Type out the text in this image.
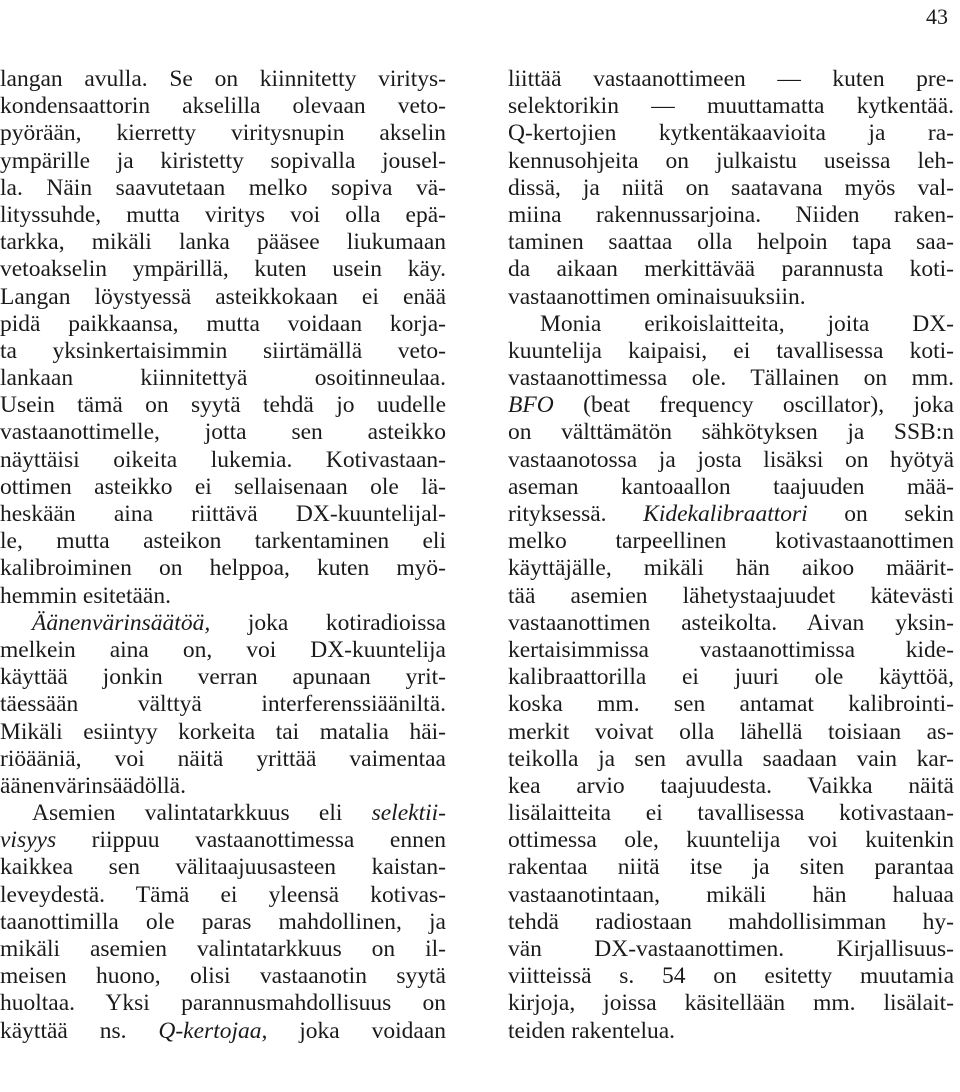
43
langan avulla. Se on kiinnitetty viritys-
kondensaattorin akselilla olevaan veto-
pyörään, kierretty viritysnupin akselin
ympärille ja kiristetty sopivalla jousel-
la. Näin saavutetaan melko sopiva vä-
lityssuhde, mutta viritys voi olla epä-
tarkka, mikäli lanka pääsee liukumaan
vetoakselin ympärillä, kuten usein käy.
Langan löystyessä asteikkokaan ei enää
pidä paikkaansa, mutta voidaan korja-
ta yksinkertaisimmin siirtämällä veto-
lankaan kiinnitettyä osoitinneulaa.
Usein tämä on syytä tehdä jo uudelle
vastaanottimelle, jotta sen asteikko
näyttäisi oikeita lukemia. Kotivastaan-
ottimen asteikko ei sellaisenaan ole lä-
heskään aina riittävä DX-kuuntelijal-
le, mutta asteikon tarkentaminen eli
kalibroiminen on helppoa, kuten myö-
hemmin esitetään.
Äänenvärinsäätöä, joka kotiradioissa
melkein aina on, voi DX-kuuntelija
käyttää jonkin verran apunaan yrit-
täessään välttyä interferenssiääniltä.
Mikäli esiintyy korkeita tai matalia häi-
riöääniä, voi näitä yrittää vaimentaa
äänenvärinsäädöllä.
Asemien valintatarkkuus eli selektii-
visyys riippuu vastaanottimessa ennen
kaikkea sen välitaajuusasteen kaistan-
leveydestä. Tämä ei yleensä kotivas-
taanottimilla ole paras mahdollinen, ja
mikäli asemien valintatarkkuus on il-
meisen huono, olisi vastaanotin syytä
huoltaa. Yksi parannusmahdollisuus on
käyttää ns. Q-kertojaa, joka voidaan
liittää vastaanottimeen — kuten pre-
selektorikin — muuttamatta kytkentää.
Q-kertojien kytkentäkaavioita ja ra-
kennusohjeita on julkaistu useissa leh-
dissä, ja niitä on saatavana myös val-
miina rakennussarjoina. Niiden raken-
taminen saattaa olla helpoin tapa saa-
da aikaan merkittävää parannusta koti-
vastaanottimen ominaisuuksiin.
Monia erikoislaitteita, joita DX-
kuuntelija kaipaisi, ei tavallisessa koti-
vastaanottimessa ole. Tällainen on mm.
BFO (beat frequency oscillator), joka
on välttämätön sähkötyksen ja SSB:n
vastaanotossa ja josta lisäksi on hyötyä
aseman kantoaallon taajuuden mää-
rityksessä. Kidekalibraattori on sekin
melko tarpeellinen kotivastaanottimen
käyttäjälle, mikäli hän aikoo määrit-
tää asemien lähetystaajuudet kätevästi
vastaanottimen asteikolta. Aivan yksin-
kertaisimmissa vastaanottimissa kide-
kalibraattorilla ei juuri ole käyttöä,
koska mm. sen antamat kalibrointi-
merkit voivat olla lähellä toisiaan as-
teikolla ja sen avulla saadaan vain kar-
kea arvio taajuudesta. Vaikka näitä
lisälaitteita ei tavallisessa kotivastaan-
ottimessa ole, kuuntelija voi kuitenkin
rakentaa niitä itse ja siten parantaa
vastaanotintaan, mikäli hän haluaa
tehdä radiostaan mahdollisimman hy-
vän DX-vastaanottimen. Kirjallisuus-
viitteissä s. 54 on esitetty muutamia
kirjoja, joissa käsitellään mm. lisälait-
teiden rakentelua.
